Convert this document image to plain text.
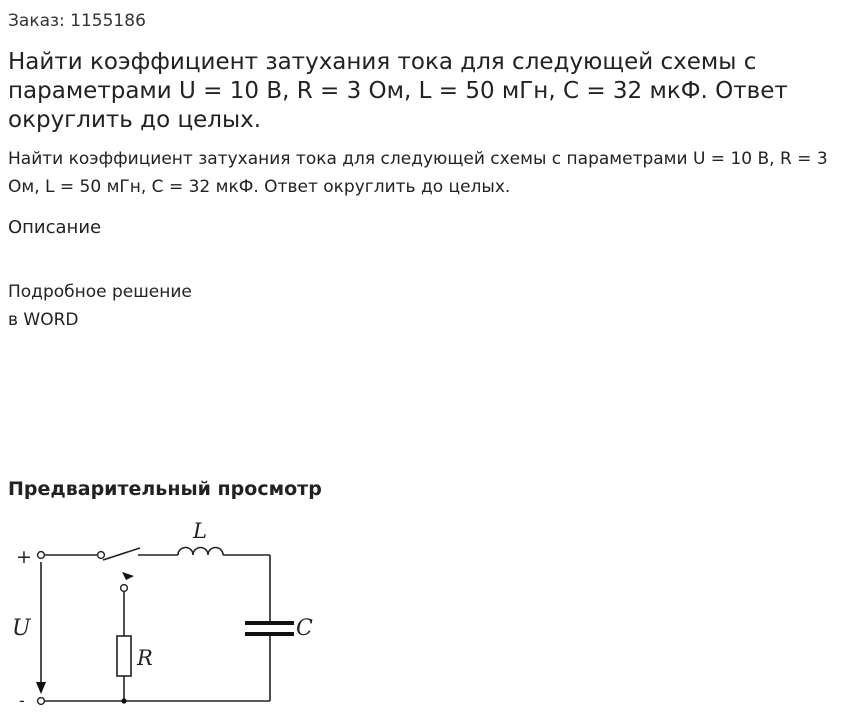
Заказ: 1155186
Найти коэффициент затухания тока для следующей схемы с параметрами U = 10 В, R = 3 Ом, L = 50 мГн, C = 32 мкФ. Ответ округлить до целых.
Найти коэффициент затухания тока для следующей схемы с параметрами U = 10 В, R = 3 Ом, L = 50 мГн, C = 32 мкФ. Ответ округлить до целых.
Описание
Подробное решение
в WORD
Предварительный просмотр
+
-
U
L
C
R
